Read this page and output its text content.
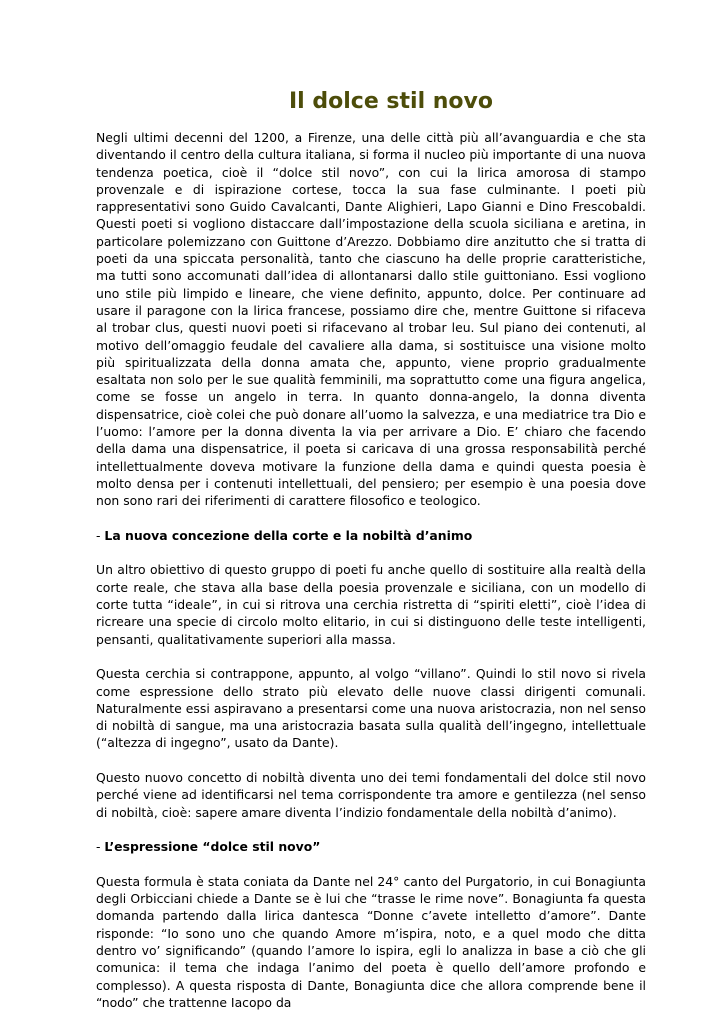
Il dolce stil novo

Negli ultimi decenni del 1200, a Firenze, una delle città più all’avanguardia e che sta diventando il centro della cultura italiana, si forma il nucleo più importante di una nuova tendenza poetica, cioè il “dolce stil novo”, con cui la lirica amorosa di stampo provenzale e di ispirazione cortese, tocca la sua fase culminante. I poeti più rappresentativi sono Guido Cavalcanti, Dante Alighieri, Lapo Gianni e Dino Frescobaldi. Questi poeti si vogliono distaccare dall’impostazione della scuola siciliana e aretina, in particolare polemizzano con Guittone d’Arezzo. Dobbiamo dire anzitutto che si tratta di poeti da una spiccata personalità, tanto che ciascuno ha delle proprie caratteristiche, ma tutti sono accomunati dall’idea di allontanarsi dallo stile guittoniano. Essi vogliono uno stile più limpido e lineare, che viene definito, appunto, dolce. Per continuare ad usare il paragone con la lirica francese, possiamo dire che, mentre Guittone si rifaceva al trobar clus, questi nuovi poeti si rifacevano al trobar leu. Sul piano dei contenuti, al motivo dell’omaggio feudale del cavaliere alla dama, si sostituisce una visione molto più spiritualizzata della donna amata che, appunto, viene proprio gradualmente esaltata non solo per le sue qualità femminili, ma soprattutto come una figura angelica, come se fosse un angelo in terra. In quanto donna-angelo, la donna diventa dispensatrice, cioè colei che può donare all’uomo la salvezza, e una mediatrice tra Dio e l’uomo: l’amore per la donna diventa la via per arrivare a Dio. E’ chiaro che facendo della dama una dispensatrice, il poeta si caricava di una grossa responsabilità perché intellettualmente doveva motivare la funzione della dama e quindi questa poesia è molto densa per i contenuti intellettuali, del pensiero; per esempio è una poesia dove non sono rari dei riferimenti di carattere filosofico e teologico.

- La nuova concezione della corte e la nobiltà d’animo

Un altro obiettivo di questo gruppo di poeti fu anche quello di sostituire alla realtà della corte reale, che stava alla base della poesia provenzale e siciliana, con un modello di corte tutta “ideale”, in cui si ritrova una cerchia ristretta di “spiriti eletti”, cioè l’idea di ricreare una specie di circolo molto elitario, in cui si distinguono delle teste intelligenti, pensanti, qualitativamente superiori alla massa.

Questa cerchia si contrappone, appunto, al volgo “villano”. Quindi lo stil novo si rivela come espressione dello strato più elevato delle nuove classi dirigenti comunali. Naturalmente essi aspiravano a presentarsi come una nuova aristocrazia, non nel senso di nobiltà di sangue, ma una aristocrazia basata sulla qualità dell’ingegno, intellettuale (“altezza di ingegno”, usato da Dante).

Questo nuovo concetto di nobiltà diventa uno dei temi fondamentali del dolce stil novo perché viene ad identificarsi nel tema corrispondente tra amore e gentilezza (nel senso di nobiltà, cioè: sapere amare diventa l’indizio fondamentale della nobiltà d’animo).

- L’espressione “dolce stil novo”

Questa formula è stata coniata da Dante nel 24° canto del Purgatorio, in cui Bonagiunta degli Orbicciani chiede a Dante se è lui che “trasse le rime nove”. Bonagiunta fa questa domanda partendo dalla lirica dantesca “Donne c’avete intelletto d’amore”. Dante risponde: “Io sono uno che quando Amore m’ispira, noto, e a quel modo che ditta dentro vo’ significando” (quando l’amore lo ispira, egli lo analizza in base a ciò che gli comunica: il tema che indaga l’animo del poeta è quello dell’amore profondo e complesso). A questa risposta di Dante, Bonagiunta dice che allora comprende bene il “nodo” che trattenne Iacopo da
